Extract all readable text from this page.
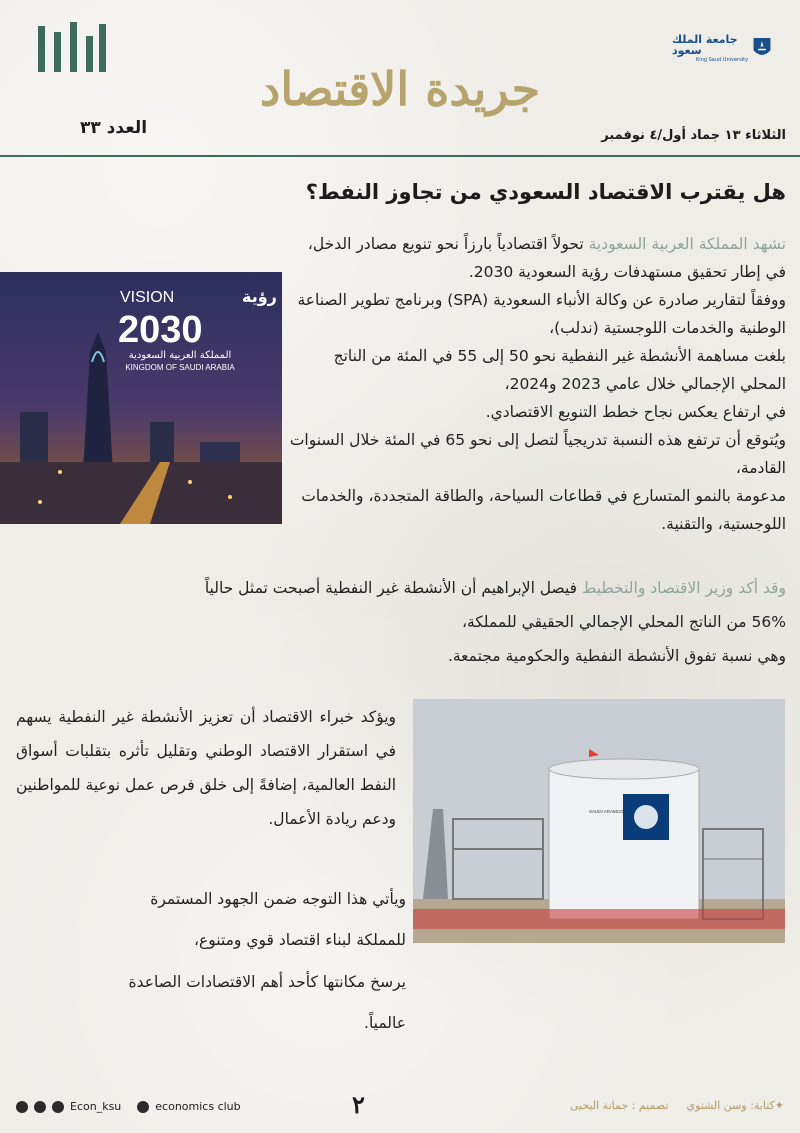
جامعة الملك سعود
King Saud University
جريدة الاقتصاد
العدد ٣٣	الثلاثاء ١٣ جماد أول/٤ نوفمبر
هل يقترب الاقتصاد السعودي من تجاوز النفط؟

تشهد المملكة العربية السعودية تحولاً اقتصادياً بارزاً نحو تنويع مصادر الدخل، في إطار تحقيق مستهدفات رؤية السعودية 2030.

ووفقاً لتقارير صادرة عن وكالة الأنباء السعودية (SPA) وبرنامج تطوير الصناعة الوطنية والخدمات اللوجستية (ندلب)،

بلغت مساهمة الأنشطة غير النفطية نحو 50 إلى 55 في المئة من الناتج المحلي الإجمالي خلال عامي 2023 و2024،

في ارتفاع يعكس نجاح خطط التنويع الاقتصادي.

ويُتوقع أن ترتفع هذه النسبة تدريجياً لتصل إلى نحو 65 في المئة خلال السنوات القادمة،

مدعومة بالنمو المتسارع في قطاعات السياحة، والطاقة المتجددة، والخدمات اللوجستية، والتقنية.

VISION	رؤية
2030
المملكة العربية السعودية
KINGDOM OF SAUDI ARABIA

وقد أكد وزير الاقتصاد والتخطيط فيصل الإبراهيم أن الأنشطة غير النفطية أصبحت تمثل حالياً

56% من الناتج المحلي الإجمالي الحقيقي للمملكة،

وهي نسبة تفوق الأنشطة النفطية والحكومية مجتمعة.

ويؤكد خبراء الاقتصاد أن تعزيز الأنشطة غير النفطية يسهم في استقرار الاقتصاد الوطني وتقليل تأثره بتقلبات أسواق النفط العالمية، إضافةً إلى خلق فرص عمل نوعية للمواطنين ودعم ريادة الأعمال.

ويأتي هذا التوجه ضمن الجهود المستمرة

للمملكة لبناء اقتصاد قوي ومتنوع،

يرسخ مكانتها كأحد أهم الاقتصادات الصاعدة

عالمياً.

SAUDI ARAMCO
Econ_ksu	economics club	٢	✦كتابة: وسن الشتوي
تصميم : جمانة اليحيى
